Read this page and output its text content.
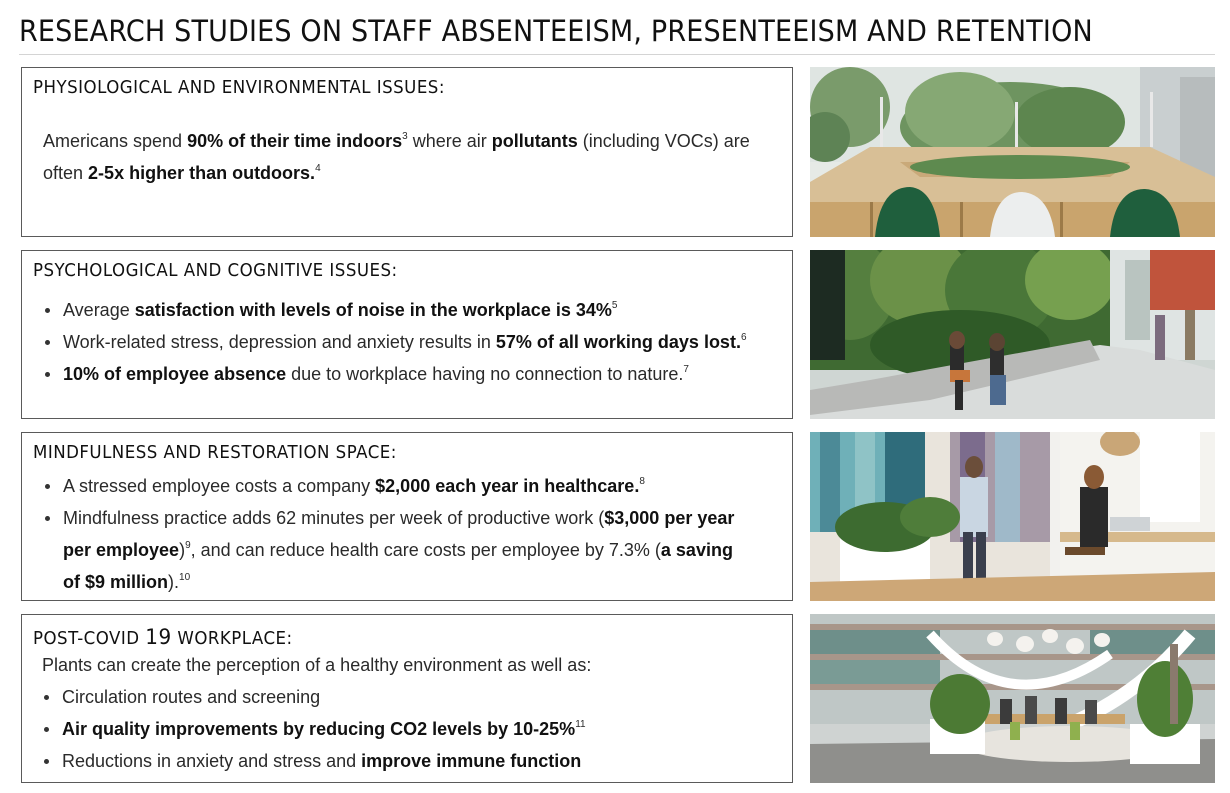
RESEARCH STUDIES ON STAFF ABSENTEEISM, PRESENTEEISM AND RETENTION
PHYSIOLOGICAL AND ENVIRONMENTAL ISSUES:
Americans spend 90% of their time indoors$^3$ where air pollutants (including VOCs) are often 2-5x higher than outdoors.$^4$
PSYCHOLOGICAL AND COGNITIVE ISSUES:
Average satisfaction with levels of noise in the workplace is 34%$^5$
Work-related stress, depression and anxiety results in 57% of all working days lost.$^6$
10% of employee absence due to workplace having no connection to nature.$^7$
MINDFULNESS AND RESTORATION SPACE:
A stressed employee costs a company $2,000 each year in healthcare.$^8$
Mindfulness practice adds 62 minutes per week of productive work ($3,000 per year per employee)$^9$, and can reduce health care costs per employee by 7.3% (a saving of $9 million).$^{10}$
POST-COVID 19 WORKPLACE:
Plants can create the perception of a healthy environment as well as:
Circulation routes and screening
Air quality improvements by reducing CO2 levels by 10-25%$^{11}$
Reductions in anxiety and stress and improve immune function
